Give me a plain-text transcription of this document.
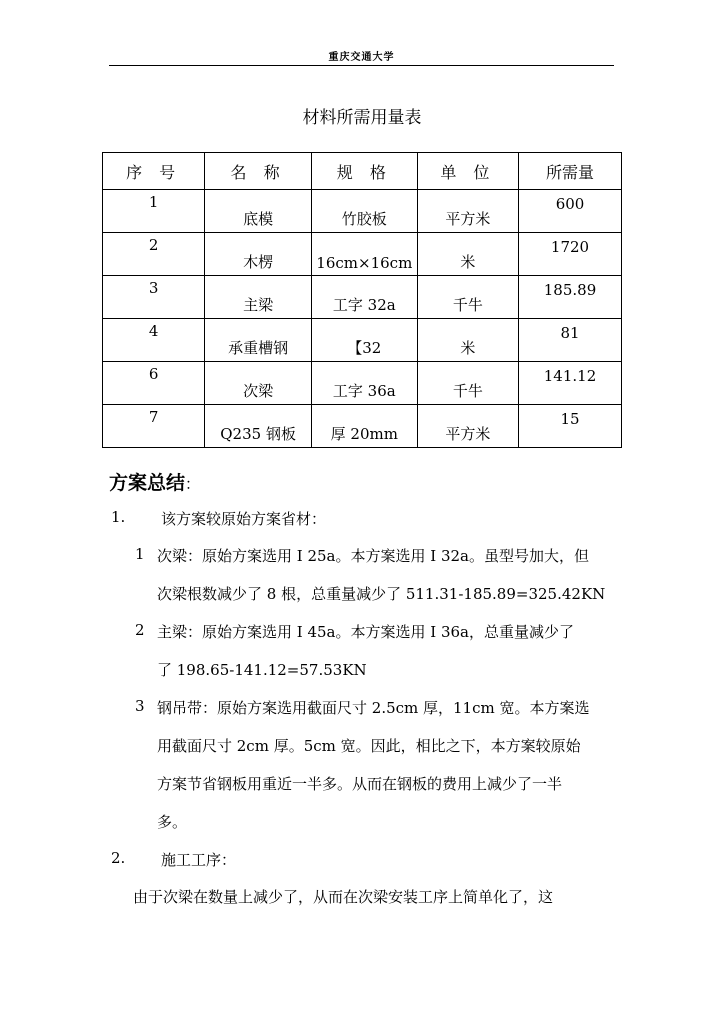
重庆交通大学
材料所需用量表
序 号	名 称	规 格	单 位	所需量
1	底模	竹胶板	平方米	600
2	木楞	16cm×16cm	米	1720
3	主梁	工字 32a	千牛	185.89
4	承重槽钢	【32	米	81
6	次梁	工字 36a	千牛	141.12
7	Q235 钢板	厚 20mm	平方米	15
方案总结：
1. 该方案较原始方案省材：
1 次梁：原始方案选用 I 25a。本方案选用 I 32a。虽型号加大，但
次梁根数减少了 8 根，总重量减少了 511.31-185.89=325.42KN
2 主梁：原始方案选用 I 45a。本方案选用 I 36a，总重量减少了
了 198.65-141.12=57.53KN
3 钢吊带：原始方案选用截面尺寸 2.5cm 厚，11cm 宽。本方案选
用截面尺寸 2cm 厚。5cm 宽。因此，相比之下，本方案较原始
方案节省钢板用重近一半多。从而在钢板的费用上减少了一半
多。
2. 施工工序：
由于次梁在数量上减少了，从而在次梁安装工序上简单化了，这
